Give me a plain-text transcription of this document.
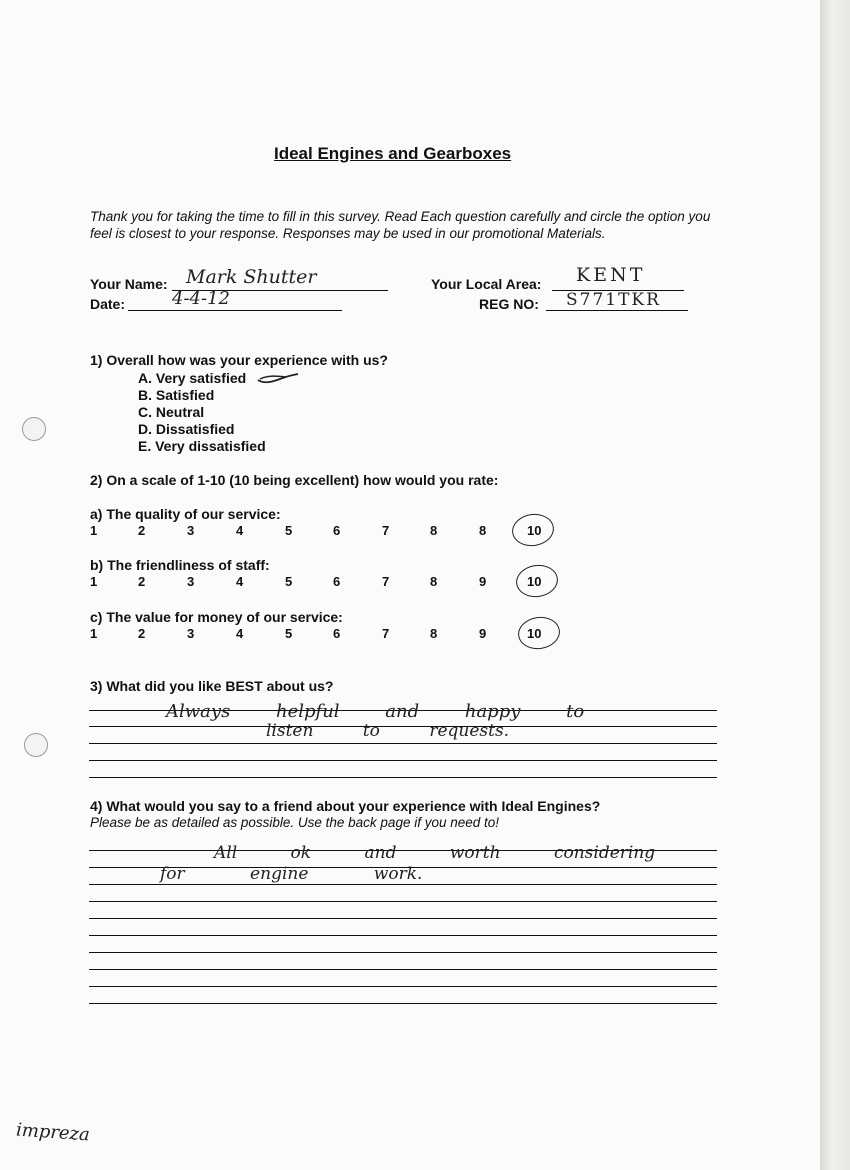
Ideal Engines and Gearboxes
Thank you for taking the time to fill in this survey. Read Each question carefully and circle the option you feel is closest to your response. Responses may be used in our promotional Materials.
Your Name: Mark Shutter
Date:	4-4-12
Your Local Area: KENT
REG NO: S771TKR
1) Overall how was your experience with us?
A. Very satisfied
B. Satisfied
C. Neutral
D. Dissatisfied
E. Very dissatisfied
2) On a scale of 1-10 (10 being excellent) how would you rate:
a) The quality of our service:
1	2	3	4	5	6	7	8	8	10
b) The friendliness of staff:
1	2	3	4	5	6	7	8	9	10
c) The value for money of our service:
1	2	3	4	5	6	7	8	9	10
3) What did you like BEST about us?
Always helpful and happy to
listen to requests.
4) What would you say to a friend about your experience with Ideal Engines?
Please be as detailed as possible. Use the back page if you need to!
All ok and worth considering
for engine work.
impreza
